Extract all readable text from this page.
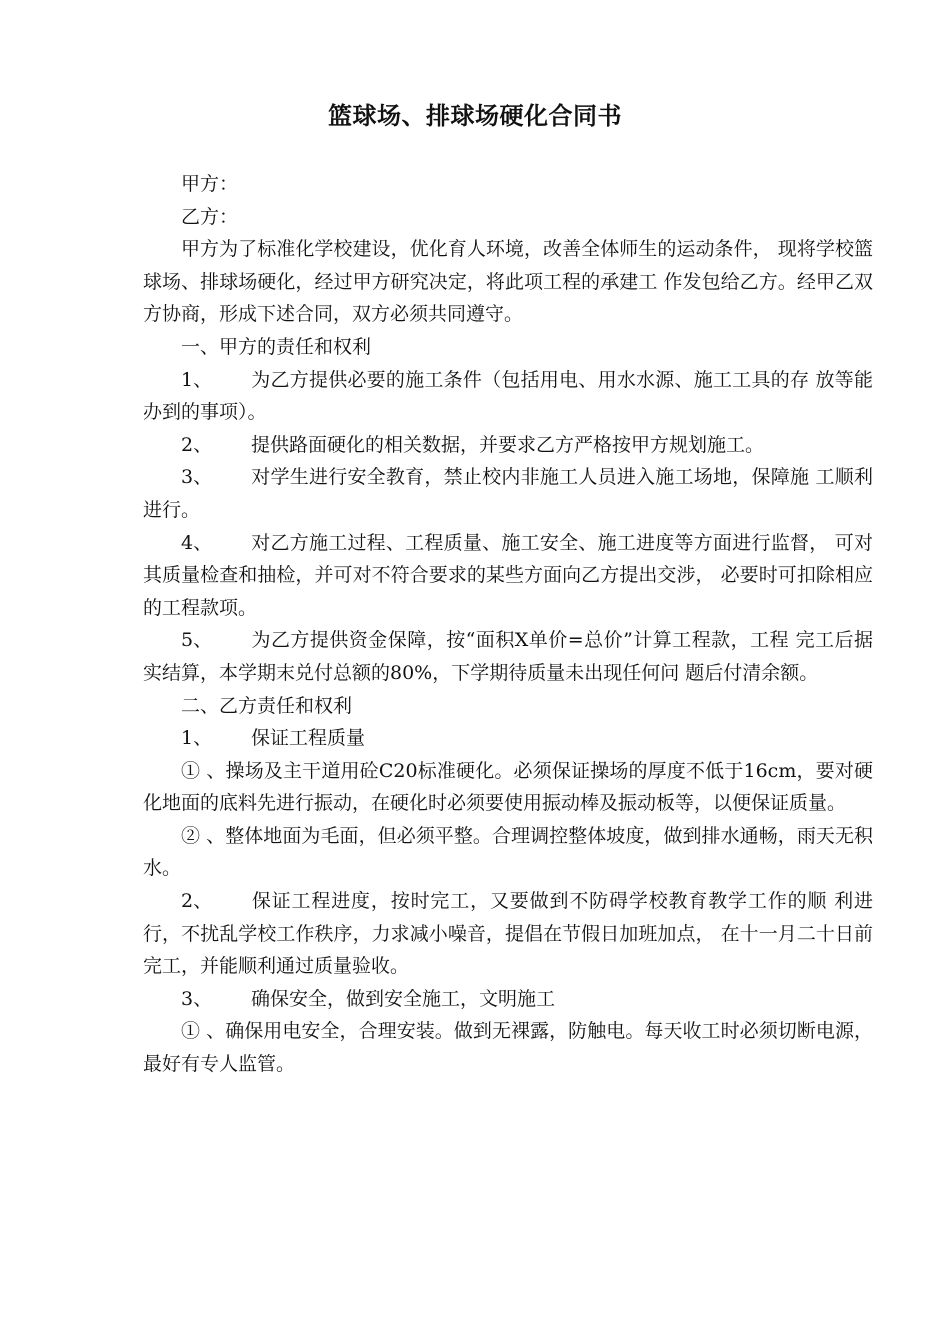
篮球场、排球场硬化合同书

甲方：

乙方：

甲方为了标准化学校建设，优化育人环境，改善全体师生的运动条件， 现将学校篮球场、排球场硬化，经过甲方研究决定，将此项工程的承建工 作发包给乙方。经甲乙双方协商，形成下述合同，双方必须共同遵守。

一、甲方的责任和权利

1、 为乙方提供必要的施工条件（包括用电、用水水源、施工工具的存 放等能办到的事项）。

2、 提供路面硬化的相关数据，并要求乙方严格按甲方规划施工。

3、 对学生进行安全教育，禁止校内非施工人员进入施工场地，保障施 工顺利进行。

4、 对乙方施工过程、工程质量、施工安全、施工进度等方面进行监督， 可对其质量检查和抽检，并可对不符合要求的某些方面向乙方提出交涉， 必要时可扣除相应的工程款项。

5、 为乙方提供资金保障，按“面积X单价=总价”计算工程款，工程 完工后据实结算，本学期末兑付总额的80%，下学期待质量未出现任何问 题后付清余额。

二、乙方责任和权利

1、 保证工程质量

① 、操场及主干道用砼C20标准硬化。必须保证操场的厚度不低于16cm，要对硬化地面的底料先进行振动，在硬化时必须要使用振动棒及振动板等，以便保证质量。

② 、整体地面为毛面，但必须平整。合理调控整体坡度，做到排水通畅，雨天无积水。

2、 保证工程进度，按时完工，又要做到不防碍学校教育教学工作的顺 利进行，不扰乱学校工作秩序，力求减小噪音，提倡在节假日加班加点， 在十一月二十日前完工，并能顺利通过质量验收。

3、 确保安全，做到安全施工，文明施工

① 、确保用电安全，合理安装。做到无裸露，防触电。每天收工时必须切断电源，最好有专人监管。
